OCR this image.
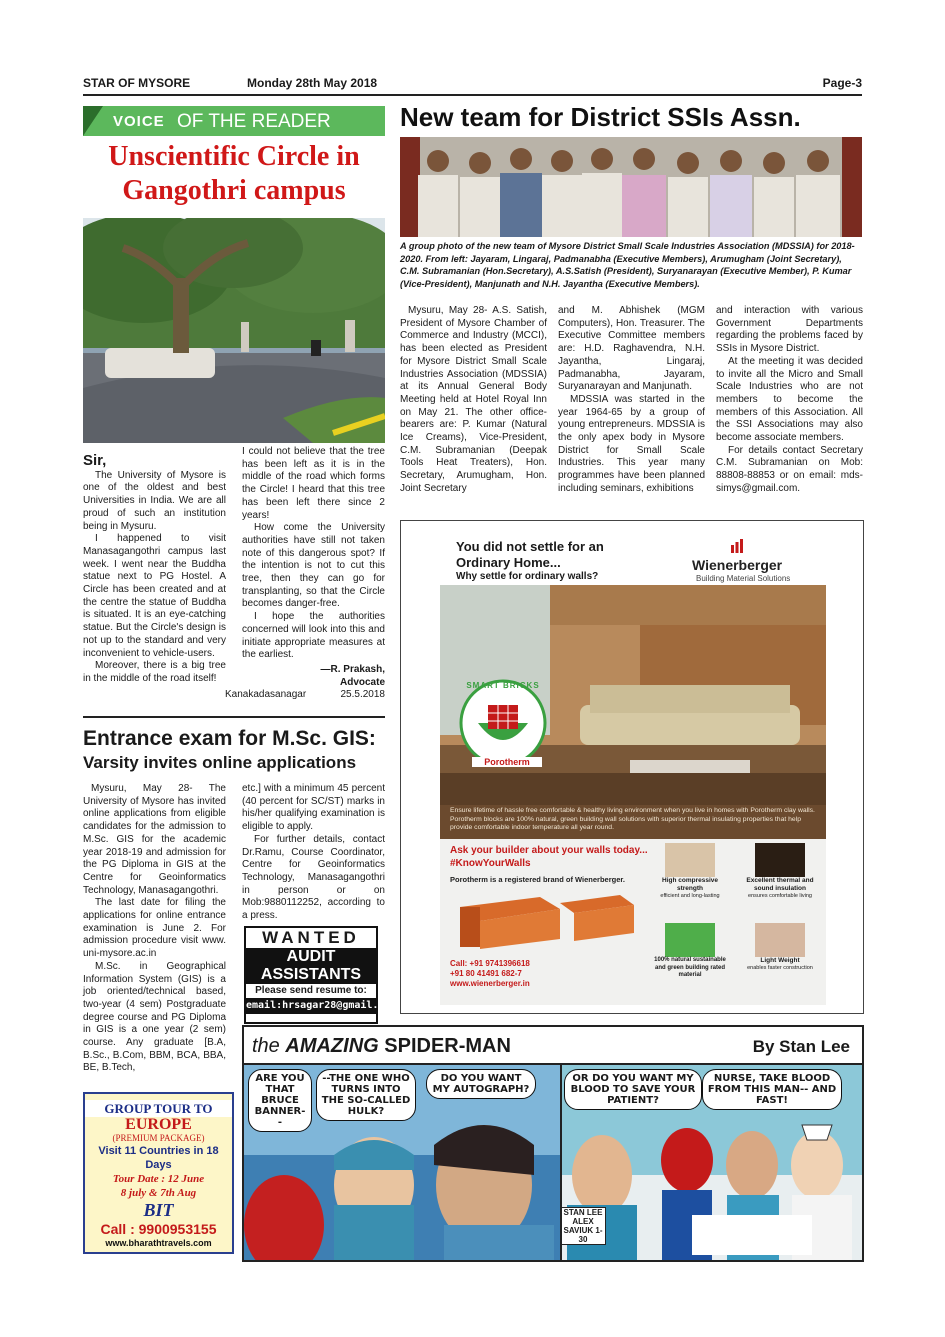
STAR OF MYSORE	Monday 28th May 2018	Page-3
VOICE OF THE READER
Unscientific Circle in Gangothri campus

Sir,

The University of Mysore is one of the oldest and best Universities in India. We are all proud of such an institution being in Mysuru.

I happened to visit Manasagangothri campus last week. I went near the Buddha statue next to PG Hostel. A Circle has been created and at the centre the statue of Buddha is situated. It is an eye-catching statue. But the Circle's design is not up to the standard and very inconvenient to vehicle-users.

Moreover, there is a big tree in the middle of the road itself!

I could not believe that the tree has been left as it is in the middle of the road which forms the Circle! I heard that this tree has been left there since 2 years!

How come the University authorities have still not taken note of this dangerous spot? If the intention is not to cut this tree, then they can go for transplanting, so that the Circle becomes danger-free.

I hope the authorities concerned will look into this and initiate appropriate measures at the earliest.

—R. Prakash,
Advocate
Kanakadasanagar	25.5.2018
New team for District SSIs Assn.
A group photo of the new team of Mysore District Small Scale Industries Association (MDSSIA) for 2018-2020. From left: Jayaram, Lingaraj, Padmanabha (Executive Members), Arumugham (Joint Secretary), C.M. Subramanian (Hon.Secretary), A.S.Satish (President), Suryanarayan (Executive Member), P. Kumar (Vice-President), Manjunath and N.H. Jayantha (Executive Members).

Mysuru, May 28- A.S. Satish, President of Mysore Chamber of Commerce and Industry (MCCI), has been elected as President for Mysore District Small Scale Industries Association (MDSSIA) at its Annual General Body Meeting held at Hotel Royal Inn on May 21. The other office-bearers are: P. Kumar (Natural Ice Creams), Vice-President, C.M. Subramanian (Deepak Tools Heat Treaters), Hon. Secretary, Arumugham, Hon. Joint Secretary

and M. Abhishek (MGM Computers), Hon. Treasurer. The Executive Committee members are: H.D. Raghavendra, N.H. Jayantha, Lingaraj, Padmanabha, Jayaram, Suryanarayan and Manjunath.

MDSSIA was started in the year 1964-65 by a group of young entrepreneurs. MDSSIA is the only apex body in Mysore District for Small Scale Industries. This year many programmes have been planned including seminars, exhibitions

and interaction with various Government Departments regarding the problems faced by SSIs in Mysore District.

At the meeting it was decided to invite all the Micro and Small Scale Industries who are not members to become the members of this Association. All the SSI Associations may also become associate members.

For details contact Secretary C.M. Subramanian on Mob: 88808-88853 or on email: mds-simys@gmail.com.

Entrance exam for M.Sc. GIS:
Varsity invites online applications

Mysuru, May 28- The University of Mysore has invited online applications from eligible candidates for the admission to M.Sc. GIS for the academic year 2018-19 and admission for the PG Diploma in GIS at the Centre for Geoinformatics Technology, Manasagangothri.

The last date for filing the applications for online entrance examination is June 2. For admission procedure visit www. uni-mysore.ac.in

M.Sc. in Geographical Information System (GIS) is a job oriented/technical based, two-year (4 sem) Postgraduate degree course and PG Diploma in GIS is a one year (2 sem) course. Any graduate [B.A, B.Sc., B.Com, BBM, BCA, BBA, BE, B.Tech,

etc.] with a minimum 45 percent (40 percent for SC/ST) marks in his/her qualifying examination is eligible to apply.

For further details, contact Dr.Ramu, Course Coordinator, Centre for Geoinformatics Technology, Manasagangothri in person or on Mob:9880112252, according to a press.

WANTED
AUDIT
ASSISTANTS
Please send resume to:
email:hrsagar28@gmail.com
GROUP TOUR TO
EUROPE
(PREMIUM PACKAGE)
Visit 11 Countries in 18 Days
Tour Date : 12 June
8 july & 7th Aug
BIT
Call : 9900953155
www.bharathtravels.com
You did not settle for an
Ordinary Home...
Why settle for ordinary walls?
Wienerberger
Building Material Solutions
SMART BRICKS
Porotherm
Ensure lifetime of hassle free comfortable & healthy living environment when you live in homes with Porotherm clay walls. Porotherm blocks are 100% natural, green building wall solutions with superior thermal insulating properties that help provide comfortable indoor temperature all year round.
Ask your builder about your walls today...
#KnowYourWalls
Porotherm is a registered brand of Wienerberger.
Call: +91 9741396618
+91 80 41491 682-7
www.wienerberger.in
High compressive strength
efficient and long-lasting
Excellent thermal and sound insulation
ensures comfortable living
100% natural sustainable and green building rated material
Light Weight
enables faster construction
the AMAZING SPIDER-MAN	By Stan Lee
ARE YOU THAT BRUCE BANNER--
--THE ONE WHO TURNS INTO THE SO-CALLED HULK?
DO YOU WANT MY AUTOGRAPH?
OR DO YOU WANT MY BLOOD TO SAVE YOUR PATIENT?
NURSE, TAKE BLOOD FROM THIS MAN-- AND FAST!
STAN LEE ALEX SAVIUK 1-30
